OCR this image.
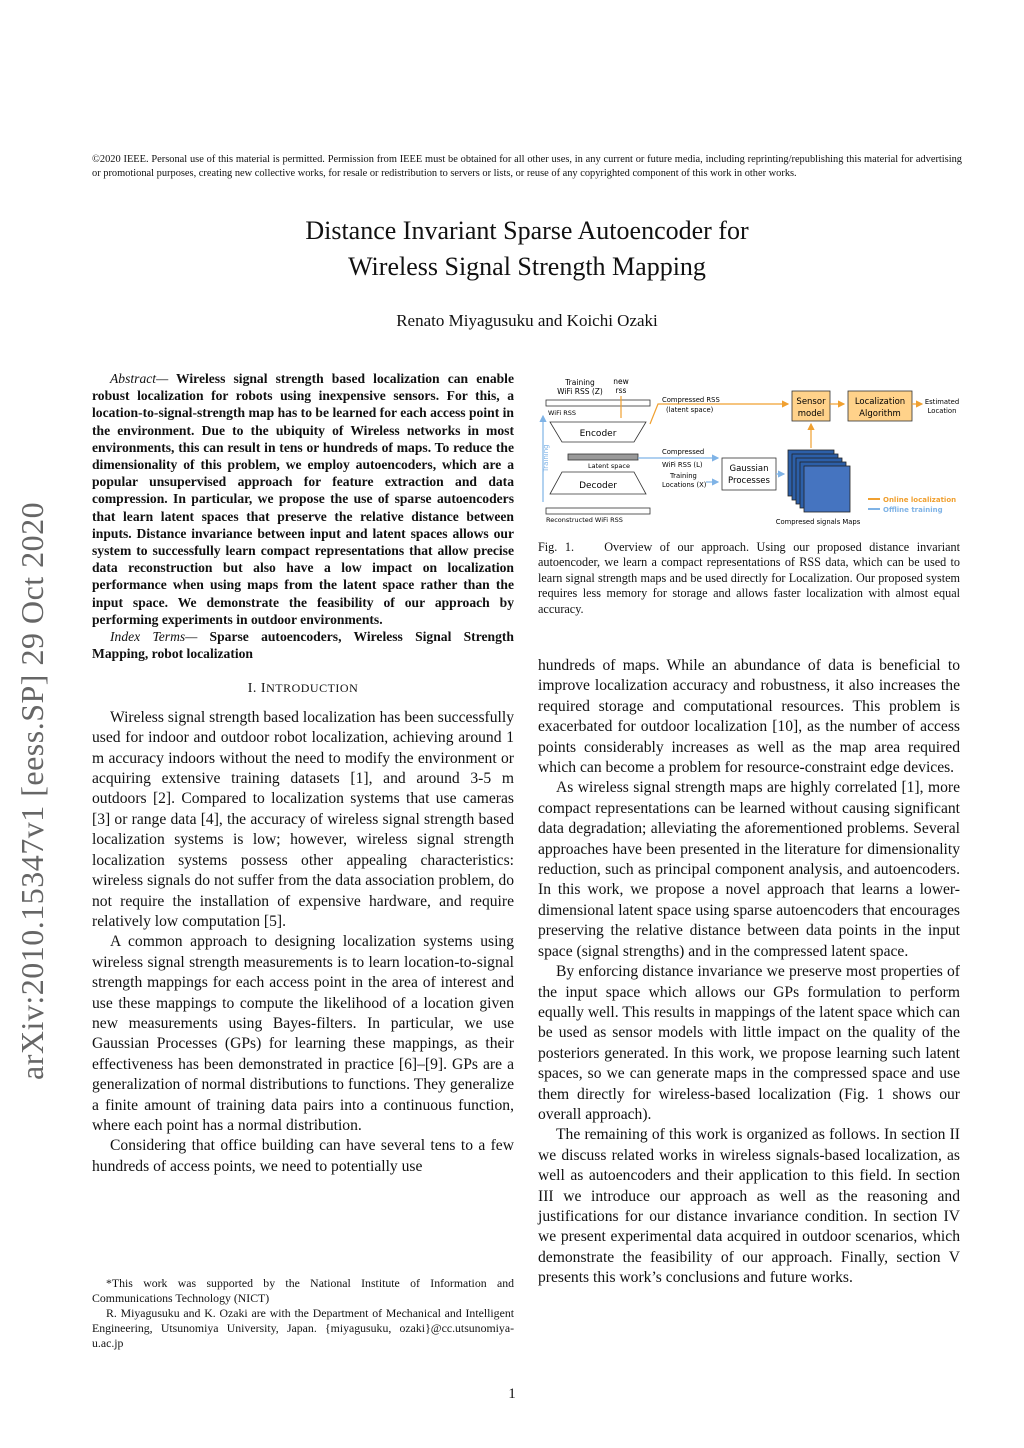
©2020 IEEE. Personal use of this material is permitted. Permission from IEEE must be obtained for all other uses, in any current or future media, including reprinting/republishing this material for advertising or promotional purposes, creating new collective works, for resale or redistribution to servers or lists, or reuse of any copyrighted component of this work in other works.
Distance Invariant Sparse Autoencoder for
Wireless Signal Strength Mapping
Renato Miyagusuku and Koichi Ozaki
arXiv:2010.15347v1 [eess.SP] 29 Oct 2020

Abstract— Wireless signal strength based localization can enable robust localization for robots using inexpensive sensors. For this, a location-to-signal-strength map has to be learned for each access point in the environment. Due to the ubiquity of Wireless networks in most environments, this can result in tens or hundreds of maps. To reduce the dimensionality of this problem, we employ autoencoders, which are a popular unsupervised approach for feature extraction and data compression. In particular, we propose the use of sparse autoencoders that learn latent spaces that preserve the relative distance between inputs. Distance invariance between input and latent spaces allows our system to successfully learn compact representations that allow precise data reconstruction but also have a low impact on localization performance when using maps from the latent space rather than the input space. We demonstrate the feasibility of our approach by performing experiments in outdoor environments.

Index Terms— Sparse autoencoders, Wireless Signal Strength Mapping, robot localization

I. INTRODUCTION

Wireless signal strength based localization has been successfully used for indoor and outdoor robot localization, achieving around 1 m accuracy indoors without the need to modify the environment or acquiring extensive training datasets [1], and around 3-5 m outdoors [2]. Compared to localization systems that use cameras [3] or range data [4], the accuracy of wireless signal strength based localization systems is low; however, wireless signal strength localization systems possess other appealing characteristics: wireless signals do not suffer from the data association problem, do not require the installation of expensive hardware, and require relatively low computation [5].

A common approach to designing localization systems using wireless signal strength measurements is to learn location-to-signal strength mappings for each access point in the area of interest and use these mappings to compute the likelihood of a location given new measurements using Bayes-filters. In particular, we use Gaussian Processes (GPs) for learning these mappings, as their effectiveness has been demonstrated in practice [6]–[9]. GPs are a generalization of normal distributions to functions. They generalize a finite amount of training data pairs into a continuous function, where each point has a normal distribution.

Considering that office building can have several tens to a few hundreds of access points, we need to potentially use

*This work was supported by the National Institute of Information and Communications Technology (NICT)

R. Miyagusuku and K. Ozaki are with the Department of Mechanical and Intelligent Engineering, Utsunomiya University, Japan. {miyagusuku, ozaki}@cc.utsunomiya-u.ac.jp

Training
WiFi RSS (Z)
new
rss
WiFi RSS
Encoder
Latent space
Decoder
Reconstructed WiFi RSS
Training
Compressed RSS
(latent space)
Compressed
WiFi RSS (L)
Training
Locations (X)
Gaussian
Processes
Compresed signals Maps
Sensor
model
Localization
Algorithm
Estimated
Location
Online localization
Offline training
Fig. 1. Overview of our approach. Using our proposed distance invariant autoencoder, we learn a compact representations of RSS data, which can be used to learn signal strength maps and be used directly for Localization. Our proposed system requires less memory for storage and allows faster localization with almost equal accuracy.

hundreds of maps. While an abundance of data is beneficial to improve localization accuracy and robustness, it also increases the required storage and computational resources. This problem is exacerbated for outdoor localization [10], as the number of access points considerably increases as well as the map area required which can become a problem for resource-constraint edge devices.

As wireless signal strength maps are highly correlated [1], more compact representations can be learned without causing significant data degradation; alleviating the aforementioned problems. Several approaches have been presented in the literature for dimensionality reduction, such as principal component analysis, and autoencoders. In this work, we propose a novel approach that learns a lower-dimensional latent space using sparse autoencoders that encourages preserving the relative distance between data points in the input space (signal strengths) and in the compressed latent space.

By enforcing distance invariance we preserve most properties of the input space which allows our GPs formulation to perform equally well. This results in mappings of the latent space which can be used as sensor models with little impact on the quality of the posteriors generated. In this work, we propose learning such latent spaces, so we can generate maps in the compressed space and use them directly for wireless-based localization (Fig. 1 shows our overall approach).

The remaining of this work is organized as follows. In section II we discuss related works in wireless signals-based localization, as well as autoencoders and their application to this field. In section III we introduce our approach as well as the reasoning and justifications for our distance invariance condition. In section IV we present experimental data acquired in outdoor scenarios, which demonstrate the feasibility of our approach. Finally, section V presents this work’s conclusions and future works.

1
